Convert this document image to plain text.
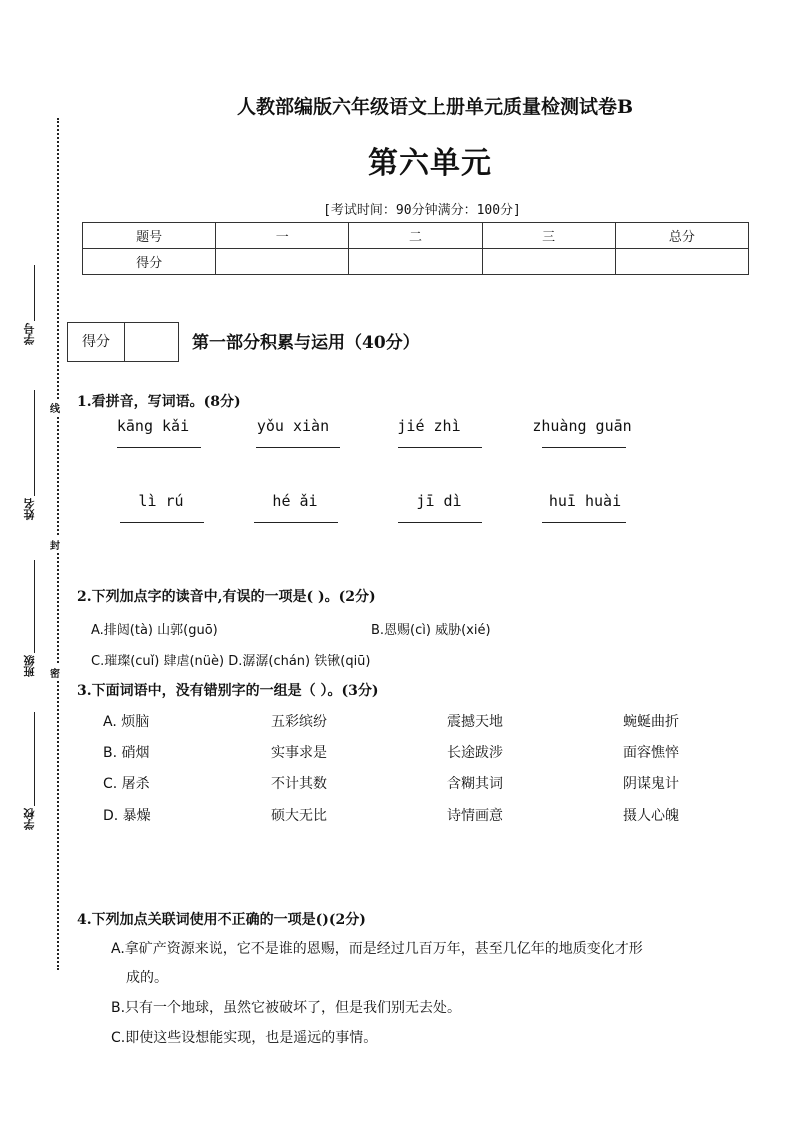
学号
姓名
班级
学校
线
封
密
人教部编版六年级语文上册单元质量检测试卷B
第六单元
[考试时间：90分钟满分：100分]
题号	一	二	三	总分
得分				
得分	第一部分积累与运用（40分）
1.看拼音，写词语。(8分)
kāng kǎi	yǒu xiàn	jié zhì	zhuàng guān
lì rú	hé ǎi	jī dì	huī huài
2.下列加点字的读音中,有误的一项是( )。(2分)
A.排闼(tà) 山郭(guō)	B.恩赐(cì) 威胁(xié)
C.璀璨(cuǐ) 肆虐(nüè) D.潺潺(chán) 铁锹(qiū)
3.下面词语中，没有错别字的一组是（ ）。(3分)
A. 烦脑	五彩缤纷	震撼天地	蜿蜒曲折
B. 硝烟	实事求是	长途跋涉	面容憔悴
C. 屠杀	不计其数	含糊其词	阴谋鬼计
D. 暴燥	硕大无比	诗情画意	摄人心魄
4.下列加点关联词使用不正确的一项是()(2分)
A.拿矿产资源来说，它不是谁的恩赐，而是经过几百万年，甚至几亿年的地质变化才形
成的。
B.只有一个地球，虽然它被破坏了，但是我们别无去处。
C.即使这些设想能实现，也是遥远的事情。
